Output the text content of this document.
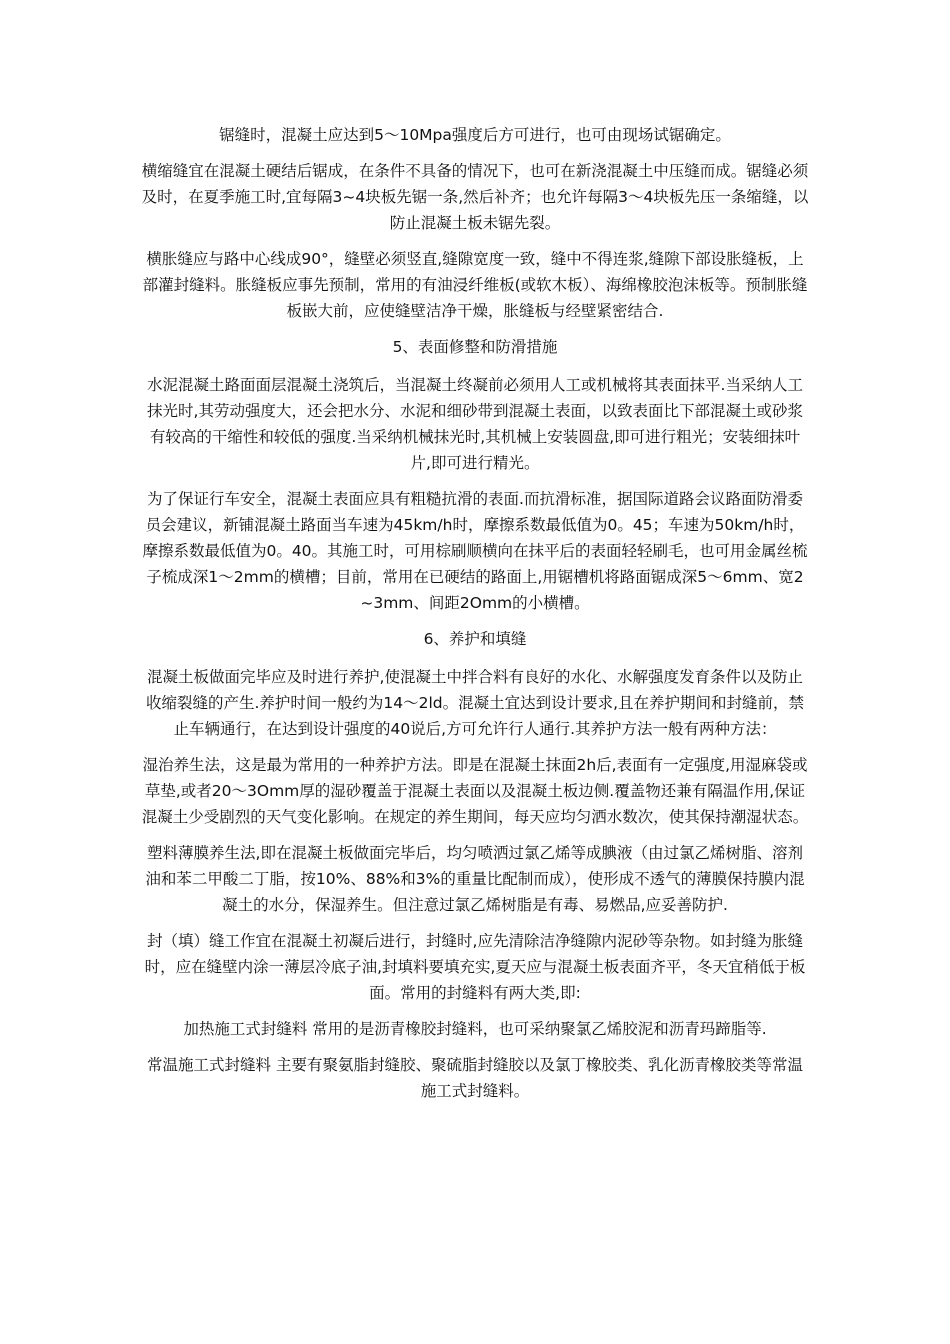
锯缝时，混凝土应达到5～10Mpa强度后方可进行，也可由现场试锯确定。

横缩缝宜在混凝土硬结后锯成，在条件不具备的情况下，也可在新浇混凝土中压缝而成。锯缝必须及时，在夏季施工时,宜每隔3~4块板先锯一条,然后补齐；也允许每隔3～4块板先压一条缩缝，以防止混凝土板未锯先裂。

横胀缝应与路中心线成90°，缝壁必须竖直,缝隙宽度一致，缝中不得连浆,缝隙下部设胀缝板，上部灌封缝料。胀缝板应事先预制，常用的有油浸纤维板(或软木板）、海绵橡胶泡沫板等。预制胀缝板嵌大前，应使缝壁洁净干燥，胀缝板与经壁紧密结合.

5、表面修整和防滑措施

水泥混凝土路面面层混凝土浇筑后，当混凝土终凝前必须用人工或机械将其表面抹平.当采纳人工抹光时,其劳动强度大，还会把水分、水泥和细砂带到混凝土表面，以致表面比下部混凝土或砂浆有较高的干缩性和较低的强度.当采纳机械抹光时,其机械上安装圆盘,即可进行粗光；安装细抹叶片,即可进行精光。

为了保证行车安全，混凝土表面应具有粗糙抗滑的表面.而抗滑标准，据国际道路会议路面防滑委员会建议，新铺混凝土路面当车速为45km/h时，摩擦系数最低值为0。45；车速为50km/h时，摩擦系数最低值为0。40。其施工时，可用棕刷顺横向在抹平后的表面轻轻刷毛，也可用金属丝梳子梳成深1～2mm的横槽；目前，常用在已硬结的路面上,用锯槽机将路面锯成深5～6mm、宽2~3mm、间距2Omm的小横槽。

6、养护和填缝

混凝土板做面完毕应及时进行养护,使混凝土中拌合料有良好的水化、水解强度发育条件以及防止收缩裂缝的产生.养护时间一般约为14～2ld。混凝土宜达到设计要求,且在养护期间和封缝前，禁止车辆通行，在达到设计强度的40说后,方可允许行人通行.其养护方法一般有两种方法：

湿治养生法，这是最为常用的一种养护方法。即是在混凝土抹面2h后,表面有一定强度,用湿麻袋或草垫,或者20～3Omm厚的湿砂覆盖于混凝土表面以及混凝土板边侧.覆盖物还兼有隔温作用,保证混凝土少受剧烈的天气变化影响。在规定的养生期间，每天应均匀洒水数次，使其保持潮湿状态。

塑料薄膜养生法,即在混凝土板做面完毕后，均匀喷洒过氯乙烯等成腆液（由过氯乙烯树脂、溶剂油和苯二甲酸二丁脂，按10%、88%和3%的重量比配制而成），使形成不透气的薄膜保持膜内混凝土的水分，保湿养生。但注意过氯乙烯树脂是有毒、易燃品,应妥善防护.

封（填）缝工作宜在混凝土初凝后进行，封缝时,应先清除洁净缝隙内泥砂等杂物。如封缝为胀缝时，应在缝壁内涂一薄层冷底子油,封填料要填充实,夏天应与混凝土板表面齐平，冬天宜稍低于板面。常用的封缝料有两大类,即:

加热施工式封缝料 常用的是沥青橡胶封缝料，也可采纳聚氯乙烯胶泥和沥青玛蹄脂等.

常温施工式封缝料 主要有聚氨脂封缝胶、聚硫脂封缝胶以及氯丁橡胶类、乳化沥青橡胶类等常温施工式封缝料。
